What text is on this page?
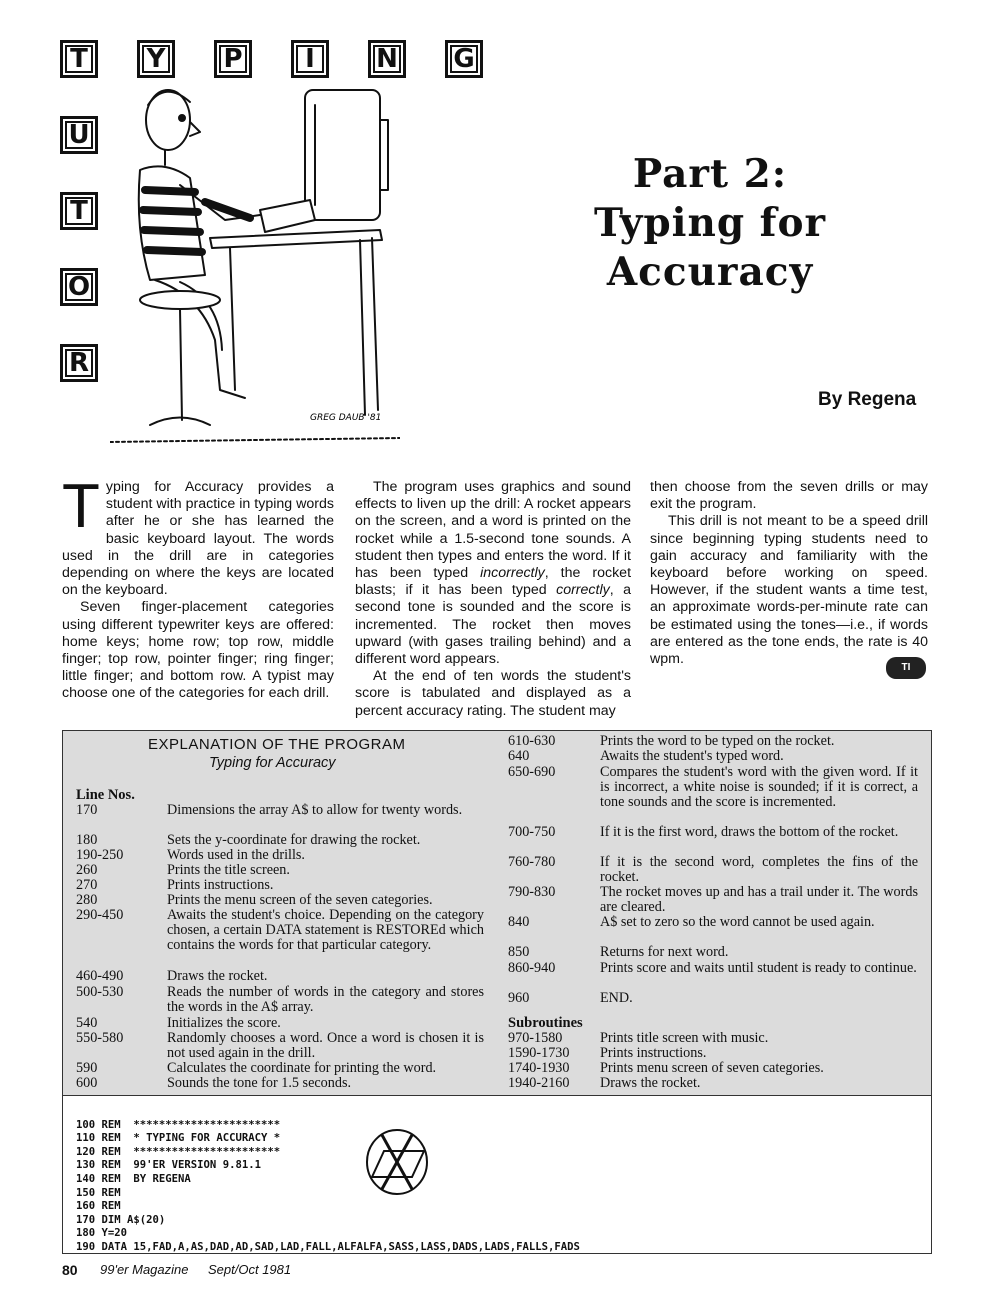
T Y P	I	N G
U
T
O
R
GREG DAUB '81
Part 2:
Typing for
Accuracy
By Regena

Typing for Accuracy provides a student with practice in typing words after he or she has learned the basic keyboard layout. The words used in the drill are in categories depending on where the keys are located on the keyboard.

Seven finger-placement categories using different typewriter keys are offered: home keys; home row; top row, middle finger; top row, pointer finger; ring finger; little finger; and bottom row. A typist may choose one of the categories for each drill.

The program uses graphics and sound effects to liven up the drill: A rocket appears on the screen, and a word is printed on the rocket while a 1.5-second tone sounds. A student then types and enters the word. If it has been typed incorrectly, the rocket blasts; if it has been typed correctly, a second tone is sounded and the score is incremented. The rocket then moves upward (with gases trailing behind) and a different word appears.

At the end of ten words the student's score is tabulated and displayed as a percent accuracy rating. The student may

then choose from the seven drills or may exit the program.

This drill is not meant to be a speed drill since beginning typing students need to gain accuracy and familiarity with the keyboard before working on speed. However, if the student wants a time test, an approximate words-per-minute rate can be estimated using the tones—i.e., if words are entered as the tone ends, the rate is 40 wpm.

TI
EXPLANATION OF THE PROGRAM
Typing for Accuracy
Line Nos.
170	Dimensions the array A$ to allow for twenty words.
180	Sets the y-coordinate for drawing the rocket.
190-250	Words used in the drills.
260	Prints the title screen.
270	Prints instructions.
280	Prints the menu screen of the seven categories.
290-450	Awaits the student's choice. Depending on the category chosen, a certain DATA statement is RESTOREd which contains the words for that particular category.
460-490	Draws the rocket.
500-530	Reads the number of words in the category and stores the words in the A$ array.
540	Initializes the score.
550-580	Randomly chooses a word. Once a word is chosen it is not used again in the drill.
590	Calculates the coordinate for printing the word.
600	Sounds the tone for 1.5 seconds.
610-630	Prints the word to be typed on the rocket.
640	Awaits the student's typed word.
650-690	Compares the student's word with the given word. If it is incorrect, a white noise is sounded; if it is correct, a tone sounds and the score is incremented.
700-750	If it is the first word, draws the bottom of the rocket.
760-780	If it is the second word, completes the fins of the rocket.
790-830	The rocket moves up and has a trail under it. The words are cleared.
840	A$ set to zero so the word cannot be used again.
850	Returns for next word.
860-940	Prints score and waits until student is ready to continue.
960	END.
Subroutines
970-1580	Prints title screen with music.
1590-1730 Prints instructions.
1740-1930 Prints menu screen of seven categories.
1940-2160 Draws the rocket.

100 REM  ***********************
110 REM  * TYPING FOR ACCURACY *
120 REM  ***********************
130 REM  99'ER VERSION 9.81.1
140 REM  BY REGENA
150 REM
160 REM
170 DIM A$(20)
180 Y=20
190 DATA 15,FAD,A,AS,DAD,AD,SAD,LAD,FALL,ALFALFA,SASS,LASS,DADS,LADS,FALLS,FADS

80 99'er Magazine Sept/Oct 1981
